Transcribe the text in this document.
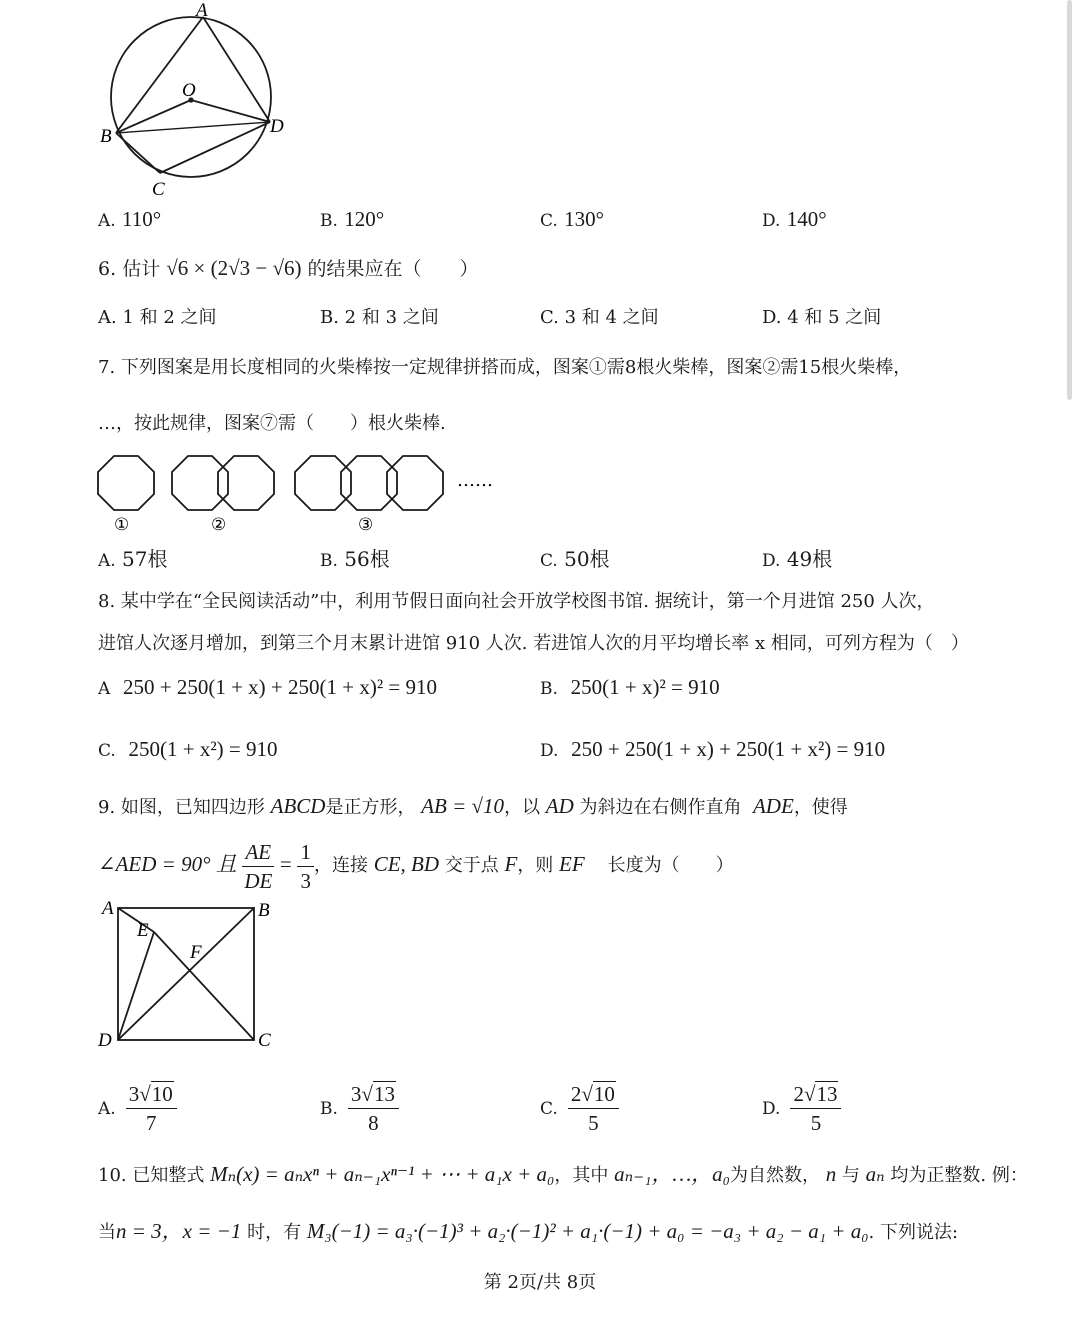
A
O
B
C
D
A. 110°	B. 120°	C. 130°	D. 140°
6. 估计 √6 × (2√3 − √6) 的结果应在（　　）
A. 1 和 2 之间	B. 2 和 3 之间	C. 3 和 4 之间	D. 4 和 5 之间
7. 下列图案是用长度相同的火柴棒按一定规律拼搭而成，图案①需8根火柴棒，图案②需15根火柴棒，
…，按此规律，图案⑦需（　　）根火柴棒.
……
①	②	③
A. 57根	B. 56根	C. 50根	D. 49根
8. 某中学在“全民阅读活动”中，利用节假日面向社会开放学校图书馆. 据统计，第一个月进馆 250 人次，
进馆人次逐月增加，到第三个月末累计进馆 910 人次. 若进馆人次的月平均增长率 x 相同，可列方程为（　）
A 250 + 250(1 + x) + 250(1 + x)² = 910	B. 250(1 + x)² = 910
C. 250(1 + x²) = 910	D. 250 + 250(1 + x) + 250(1 + x²) = 910
9. 如图，已知四边形 ABCD是正方形， AB = √10，以 AD 为斜边在右侧作直角 ADE，使得
∠AED = 90° 且 $\frac{AE}{DE} = \frac{1}{3}$ ，连接 CE, BD 交于点 F，则 EF 长度为（　　）
A	B
C
D
E
F
A. $\frac{3√10}{7}$	B. $\frac{3√13}{8}$	C. $\frac{2√10}{5}$	D. $\frac{2√13}{5}$
10. 已知整式 Mₙ(x) = aₙxⁿ + aₙ₋₁xⁿ⁻¹ + ⋯ + a₁x + a₀，其中 aₙ₋₁，…，a₀为自然数， n 与 aₙ 均为正整数. 例：
当n = 3，x = −1 时，有 M₃(−1) = a₃·(−1)³ + a₂·(−1)² + a₁·(−1) + a₀ = −a₃ + a₂ − a₁ + a₀. 下列说法:
第 2页/共 8页
